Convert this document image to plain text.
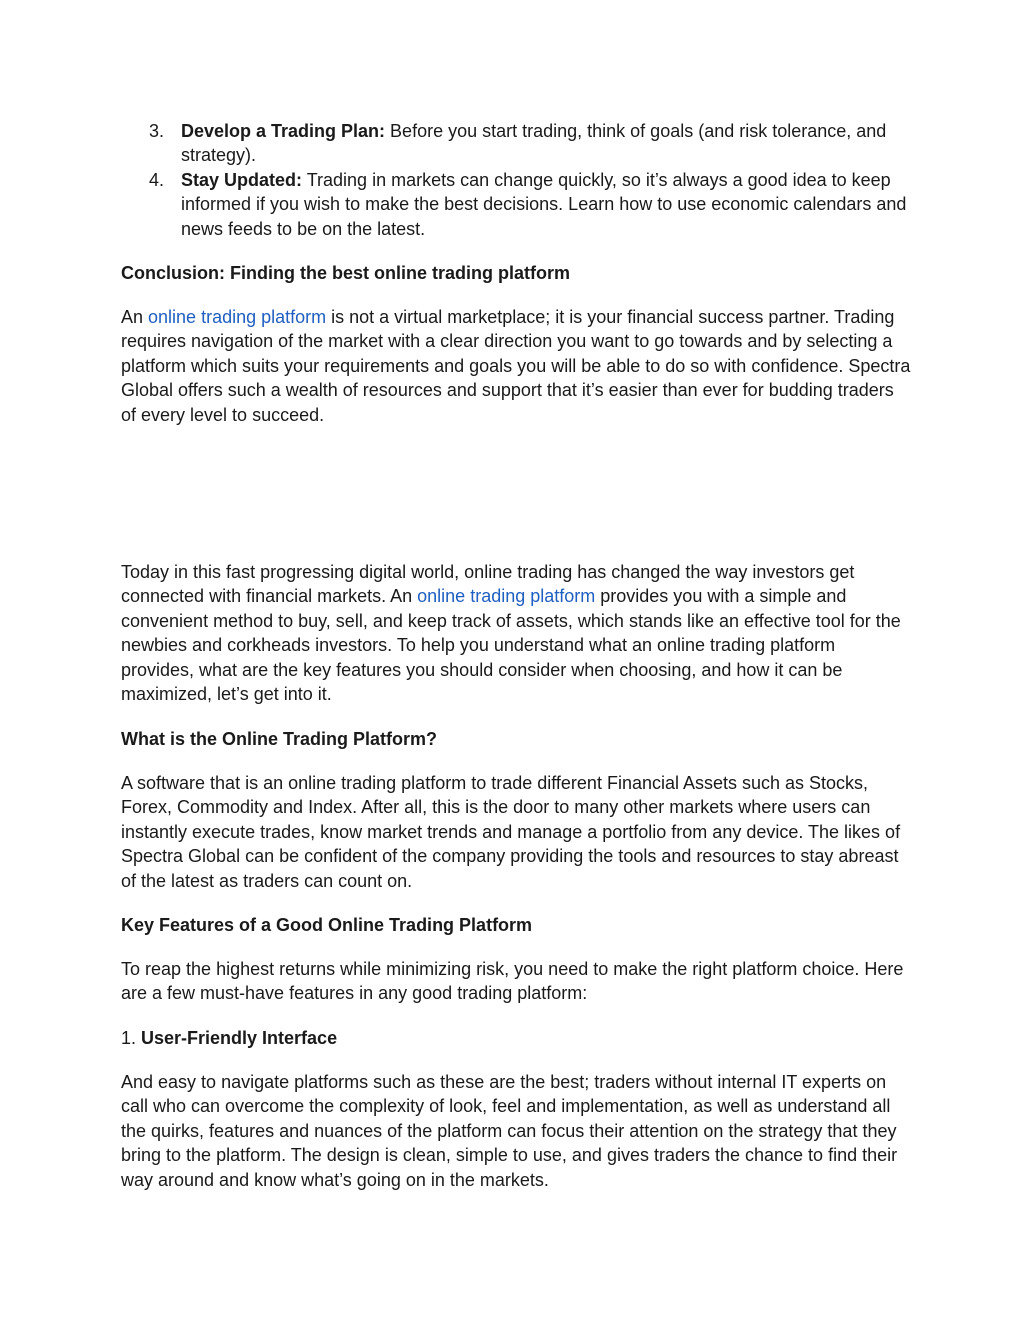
3. Develop a Trading Plan: Before you start trading, think of goals (and risk tolerance, and strategy).
4. Stay Updated: Trading in markets can change quickly, so it’s always a good idea to keep informed if you wish to make the best decisions. Learn how to use economic calendars and news feeds to be on the latest.
Conclusion: Finding the best online trading platform

An online trading platform is not a virtual marketplace; it is your financial success partner. Trading requires navigation of the market with a clear direction you want to go towards and by selecting a platform which suits your requirements and goals you will be able to do so with confidence. Spectra Global offers such a wealth of resources and support that it’s easier than ever for budding traders of every level to succeed.

Today in this fast progressing digital world, online trading has changed the way investors get connected with financial markets. An online trading platform provides you with a simple and convenient method to buy, sell, and keep track of assets, which stands like an effective tool for the newbies and corkheads investors. To help you understand what an online trading platform provides, what are the key features you should consider when choosing, and how it can be maximized, let’s get into it.

What is the Online Trading Platform?

A software that is an online trading platform to trade different Financial Assets such as Stocks, Forex, Commodity and Index. After all, this is the door to many other markets where users can instantly execute trades, know market trends and manage a portfolio from any device. The likes of Spectra Global can be confident of the company providing the tools and resources to stay abreast of the latest as traders can count on.

Key Features of a Good Online Trading Platform

To reap the highest returns while minimizing risk, you need to make the right platform choice. Here are a few must-have features in any good trading platform:

1. User-Friendly Interface

And easy to navigate platforms such as these are the best; traders without internal IT experts on call who can overcome the complexity of look, feel and implementation, as well as understand all the quirks, features and nuances of the platform can focus their attention on the strategy that they bring to the platform. The design is clean, simple to use, and gives traders the chance to find their way around and know what’s going on in the markets.
